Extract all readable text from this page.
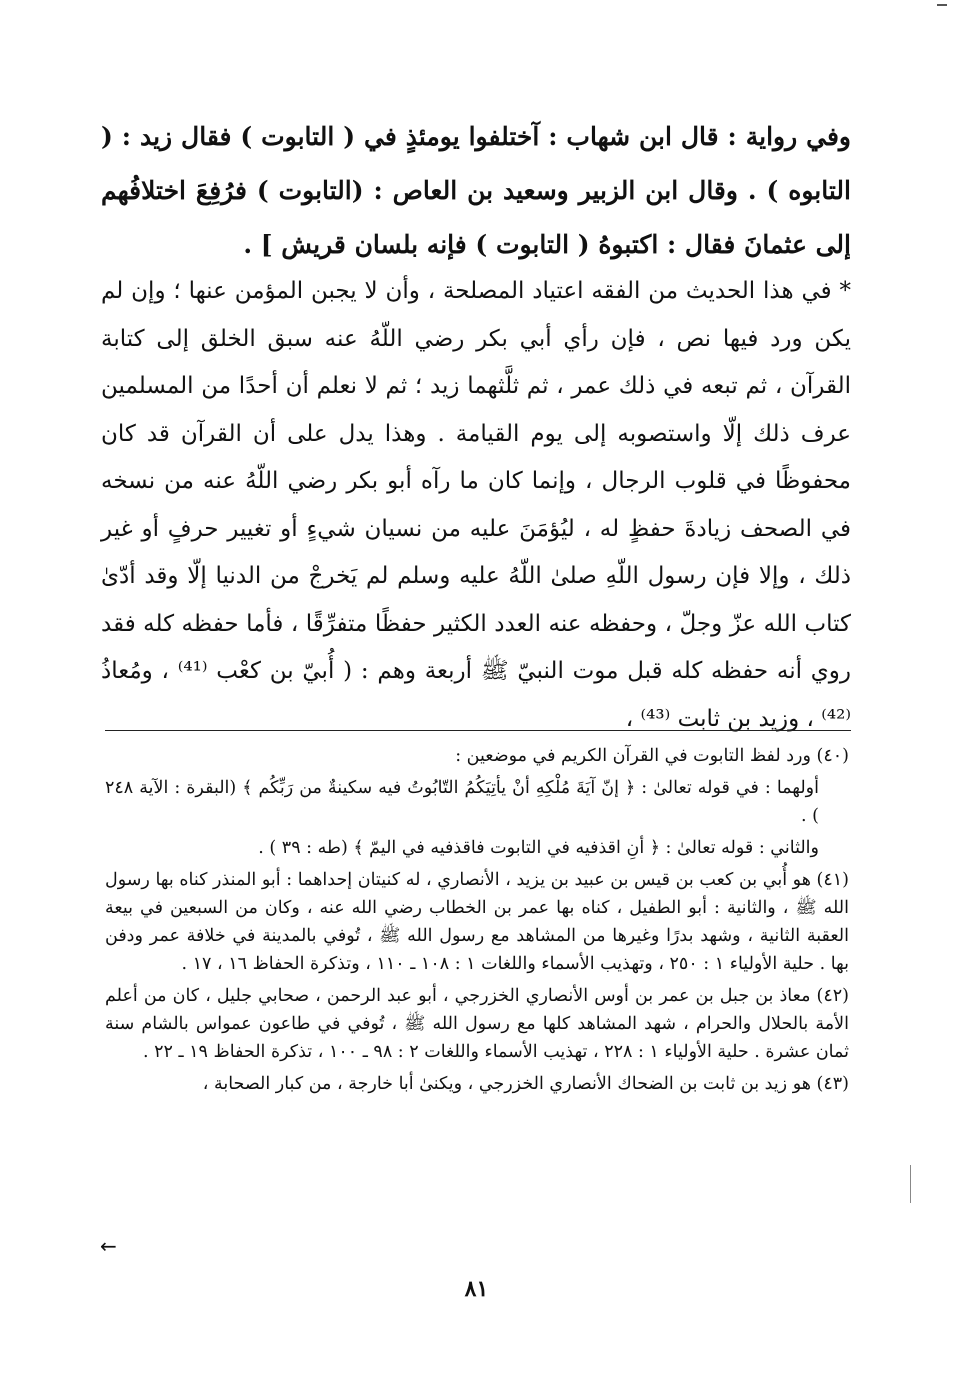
وفي رواية : قال ابن شهاب : آختلفوا يومئذٍ في ( التابوت ) فقال زيد : ( التابوه ) . وقال ابن الزبير وسعيد بن العاص : (التابوت ) فرُفِعَ اختلافُهم إلى عثمانَ فقال : اكتبوهُ ( التابوت ) فإنه بلسان قريش ] .
* في هذا الحديث من الفقه اعتياد المصلحة ، وأن لا يجبن المؤمن عنها ؛ وإن لم يكن ورد فيها نص ، فإن رأي أبي بكر رضي اللّهُ عنه سبق الخلق إلى كتابة القرآن ، ثم تبعه في ذلك عمر ، ثم ثلَّثهما زيد ؛ ثم لا نعلم أن أحدًا من المسلمين عرف ذلك إلّا واستصوبه إلى يوم القيامة . وهذا يدل على أن القرآن قد كان محفوظًا في قلوب الرجال ، وإنما كان ما رآه أبو بكر رضي اللّهُ عنه من نسخه في الصحف زيادةَ حفظٍ له ، ليُؤمَنَ عليه من نسيان شيءٍ أو تغيير حرفٍ أو غير ذلك ، وإلا فإن رسول اللّهِ صلىٰ اللّهُ عليه وسلم لم يَخرجْ من الدنيا إلّا وقد أدّىٰ كتاب الله عزّ وجلّ ، وحفظه عنه العدد الكثير حفظًا متفرِّقًا ، فأما حفظه كله فقد روي أنه حفظه كله قبل موت النبيّ ﷺ أربعة وهم : ( أُبيّ بن كعْب ⁽⁴¹⁾ ، ومُعاذُ ⁽⁴²⁾ ، وزيد بن ثابت ⁽⁴³⁾ ،

(٤٠) ورد لفظ التابوت في القرآن الكريم في موضعين :

أولهما : في قوله تعالىٰ : ﴿ إنّ آيَةَ مُلْكِهِ أنْ يأتِيَكُمُ التّابُوتُ فيه سكينةٌ من رَبِّكُم ﴾ (البقرة : الآية ٢٤٨ ) .

والثاني : قوله تعالىٰ : ﴿ أنِ اقذفيه في التابوت فاقذفيه في اليمّ ﴾ (طه : ٣٩ ) .

(٤١) هو أُبي بن كعب بن قيس بن عبيد بن يزيد ، الأنصاري ، له كنيتان إحداهما : أبو المنذر كناه بها رسول الله ﷺ ، والثانية : أبو الطفيل ، كناه بها عمر بن الخطاب رضي الله عنه ، وكان من السبعين في بيعة العقبة الثانية ، وشهد بدرًا وغيرها من المشاهد مع رسول الله ﷺ ، تُوفي بالمدينة في خلافة عمر ودفن بها . حلية الأولياء ١ : ٢٥٠ ، وتهذيب الأسماء واللغات ١ : ١٠٨ ـ ١١٠ ، وتذكرة الحفاظ ١٦ ، ١٧ .

(٤٢) معاذ بن جبل بن عمر بن أوس الأنصاري الخزرجي ، أبو عبد الرحمن ، صحابي جليل ، كان من أعلم الأمة بالحلال والحرام ، شهد المشاهد كلها مع رسول الله ﷺ ، تُوفي في طاعون عمواس بالشام سنة ثمان عشرة . حلية الأولياء ١ : ٢٢٨ ، تهذيب الأسماء واللغات ٢ : ٩٨ ـ ١٠٠ ، تذكرة الحفاظ ١٩ ـ ٢٢ .

(٤٣) هو زيد بن ثابت بن الضحاك الأنصاري الخزرجي ، ويكنىٰ أبا خارجة ، من كبار الصحابة ،

←
٨١
